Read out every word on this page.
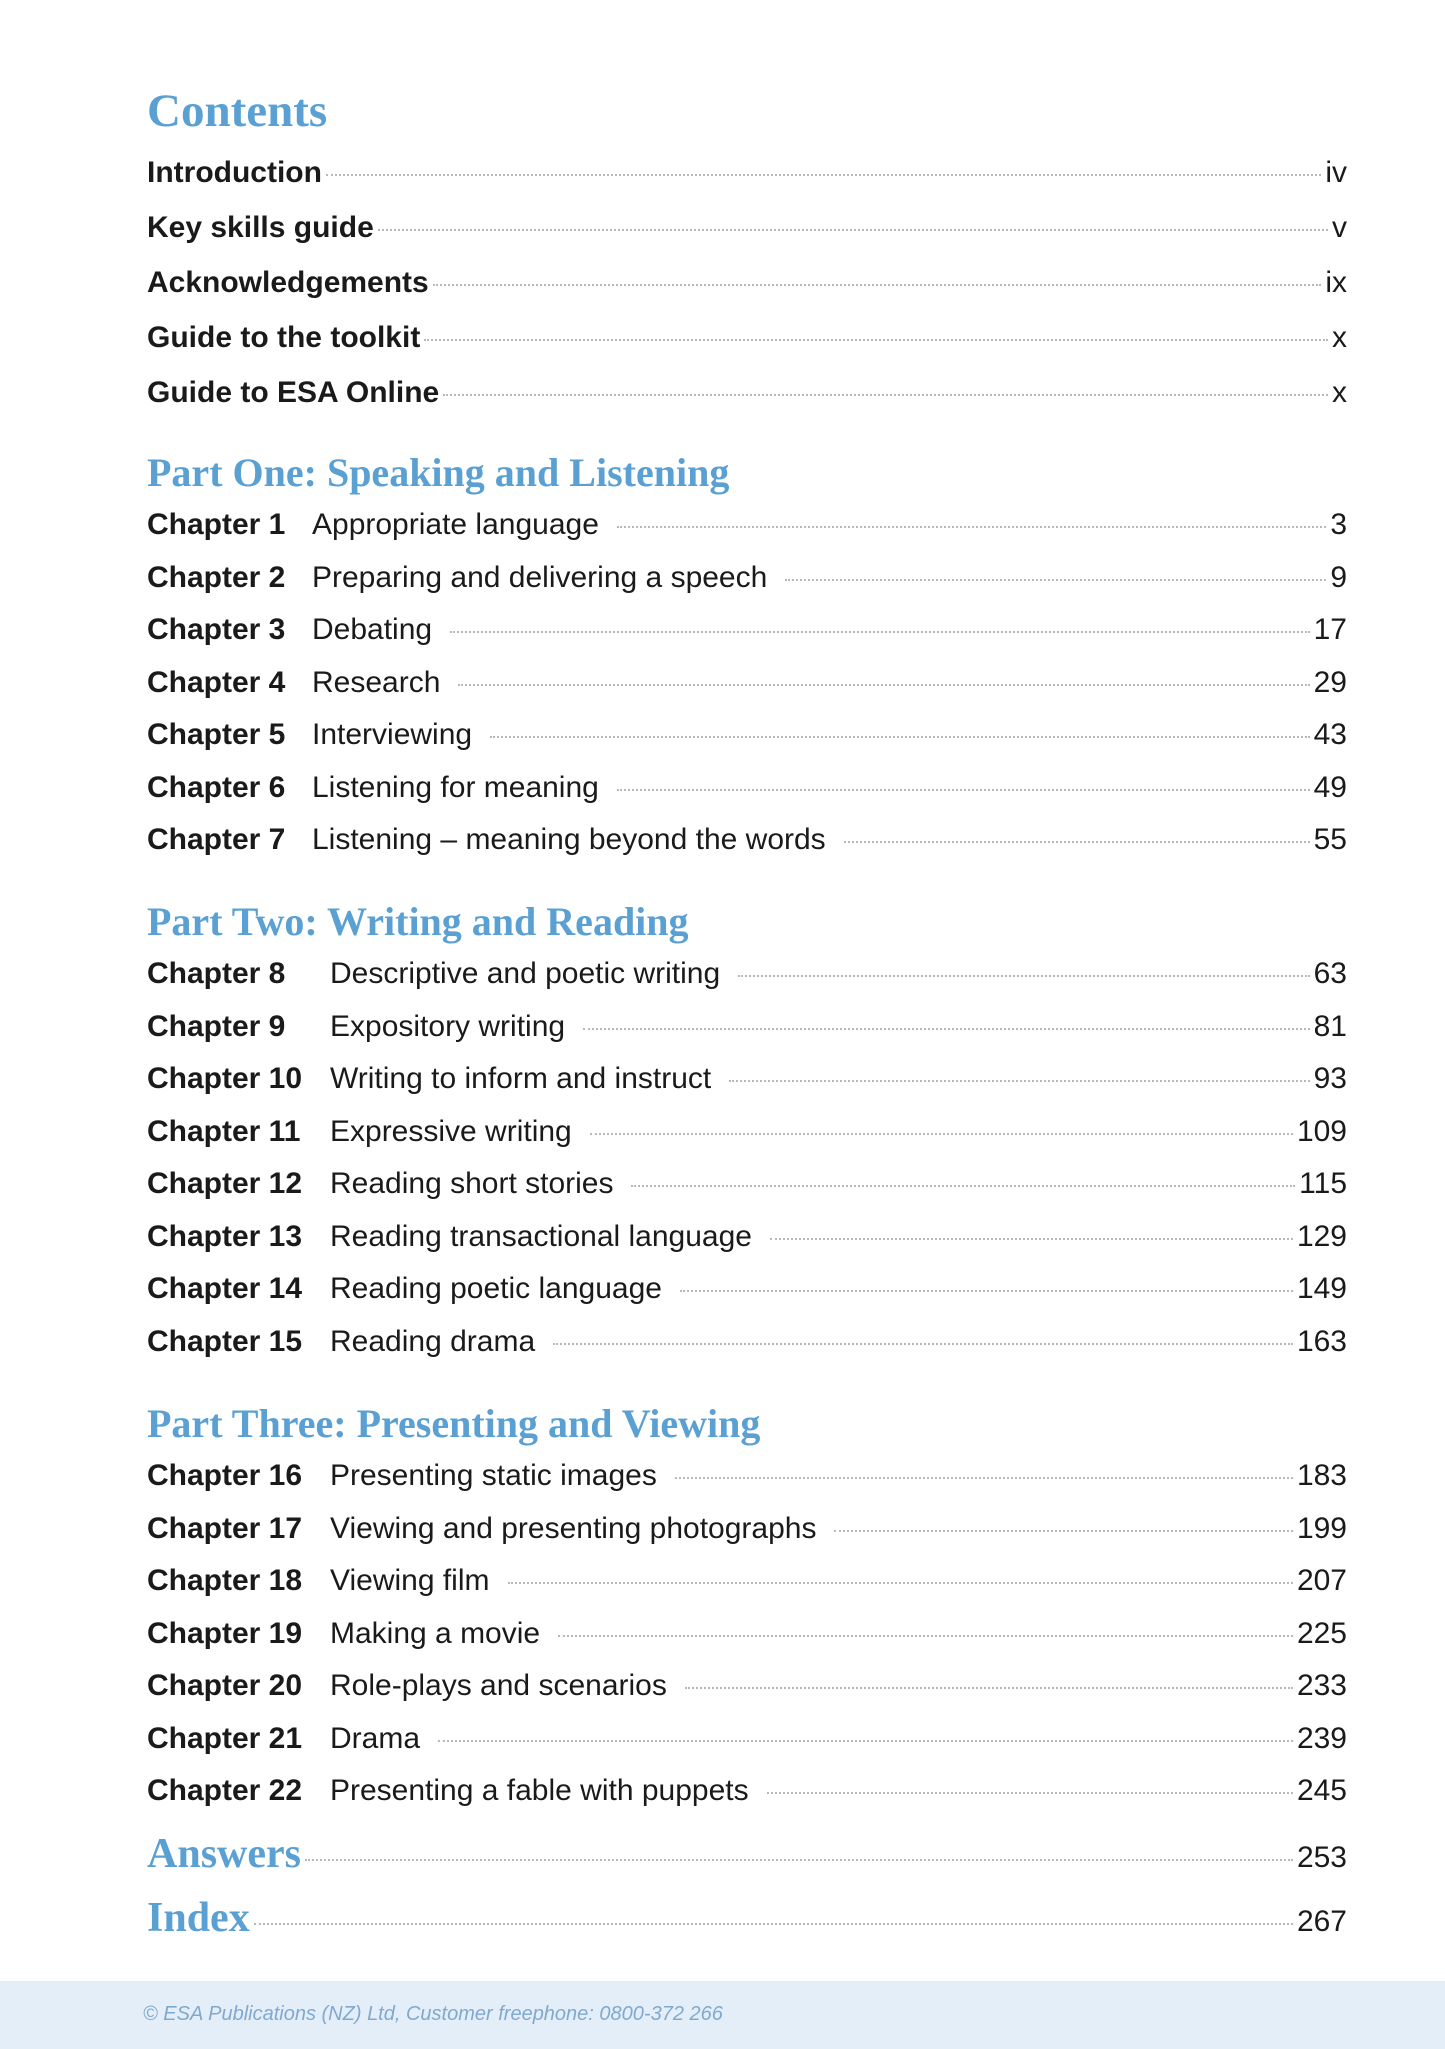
Contents
Introduction	iv
Key skills guide	v
Acknowledgements	ix
Guide to the toolkit	x
Guide to ESA Online	x
Part One: Speaking and Listening
Chapter 1 Appropriate language	3
Chapter 2 Preparing and delivering a speech	9
Chapter 3 Debating	17
Chapter 4 Research	29
Chapter 5 Interviewing	43
Chapter 6 Listening for meaning	49
Chapter 7 Listening – meaning beyond the words	55
Part Two: Writing and Reading
Chapter 8	Descriptive and poetic writing	63
Chapter 9	Expository writing	81
Chapter 10 Writing to inform and instruct	93
Chapter 11 Expressive writing	109
Chapter 12 Reading short stories	115
Chapter 13 Reading transactional language	129
Chapter 14 Reading poetic language	149
Chapter 15 Reading drama	163
Part Three: Presenting and Viewing
Chapter 16 Presenting static images	183
Chapter 17 Viewing and presenting photographs	199
Chapter 18 Viewing film	207
Chapter 19 Making a movie	225
Chapter 20 Role-plays and scenarios	233
Chapter 21 Drama	239
Chapter 22 Presenting a fable with puppets	245
Answers	253
Index	267
© ESA Publications (NZ) Ltd, Customer freephone: 0800-372 266
